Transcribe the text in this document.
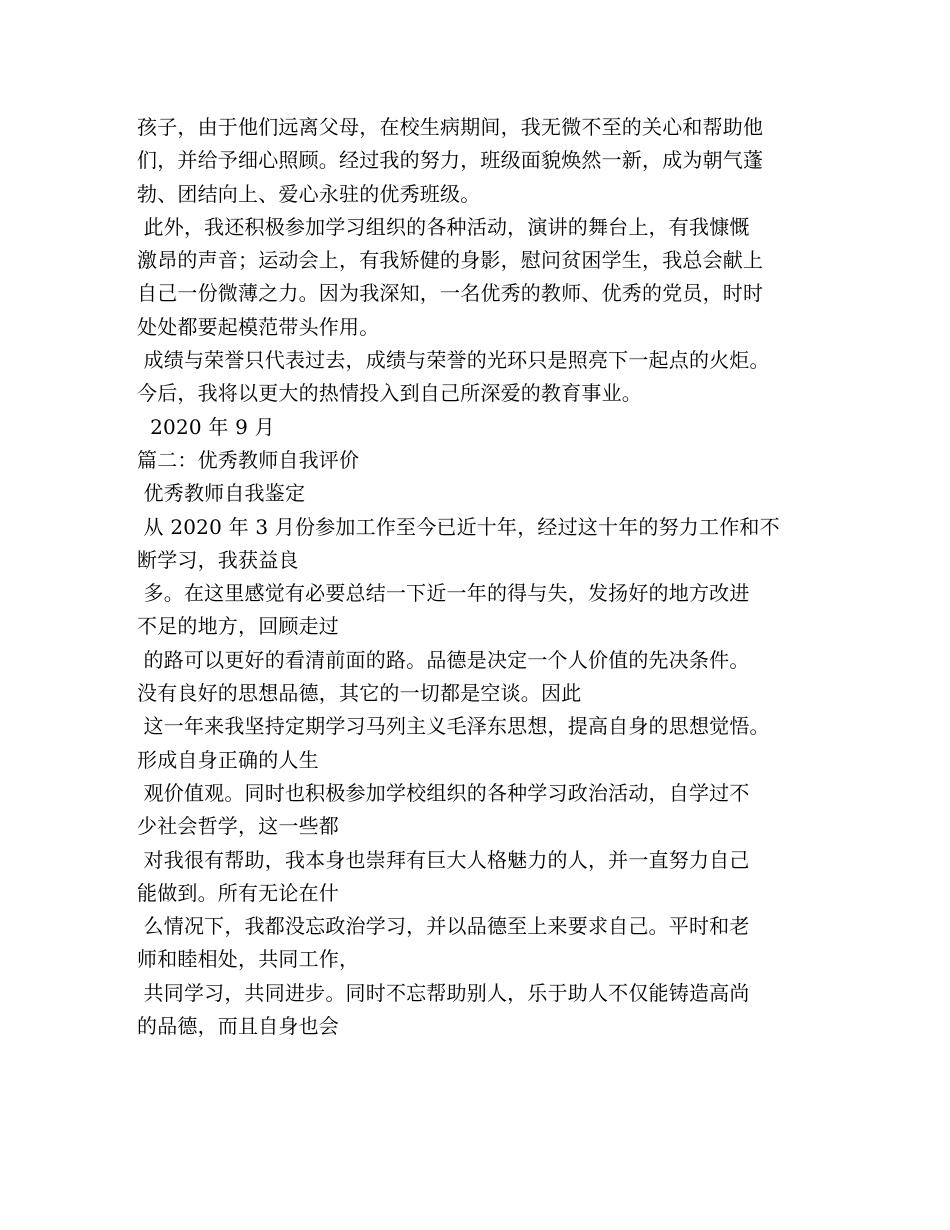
孩子，由于他们远离父母，在校生病期间，我无微不至的关心和帮助他
们，并给予细心照顾。经过我的努力，班级面貌焕然一新，成为朝气蓬
勃、团结向上、爱心永驻的优秀班级。
此外，我还积极参加学习组织的各种活动，演讲的舞台上，有我慷慨
激昂的声音；运动会上，有我矫健的身影，慰问贫困学生，我总会献上
自己一份微薄之力。因为我深知，一名优秀的教师、优秀的党员，时时
处处都要起模范带头作用。
成绩与荣誉只代表过去，成绩与荣誉的光环只是照亮下一起点的火炬。
今后，我将以更大的热情投入到自己所深爱的教育事业。
2020 年 9 月
篇二：优秀教师自我评价
优秀教师自我鉴定
从 2020 年 3 月份参加工作至今已近十年，经过这十年的努力工作和不
断学习，我获益良
多。在这里感觉有必要总结一下近一年的得与失，发扬好的地方改进
不足的地方，回顾走过
的路可以更好的看清前面的路。品德是决定一个人价值的先决条件。
没有良好的思想品德，其它的一切都是空谈。因此
这一年来我坚持定期学习马列主义毛泽东思想，提高自身的思想觉悟。
形成自身正确的人生
观价值观。同时也积极参加学校组织的各种学习政治活动，自学过不
少社会哲学，这一些都
对我很有帮助，我本身也崇拜有巨大人格魅力的人，并一直努力自己
能做到。所有无论在什
么情况下，我都没忘政治学习，并以品德至上来要求自己。平时和老
师和睦相处，共同工作，
共同学习，共同进步。同时不忘帮助别人，乐于助人不仅能铸造高尚
的品德，而且自身也会
